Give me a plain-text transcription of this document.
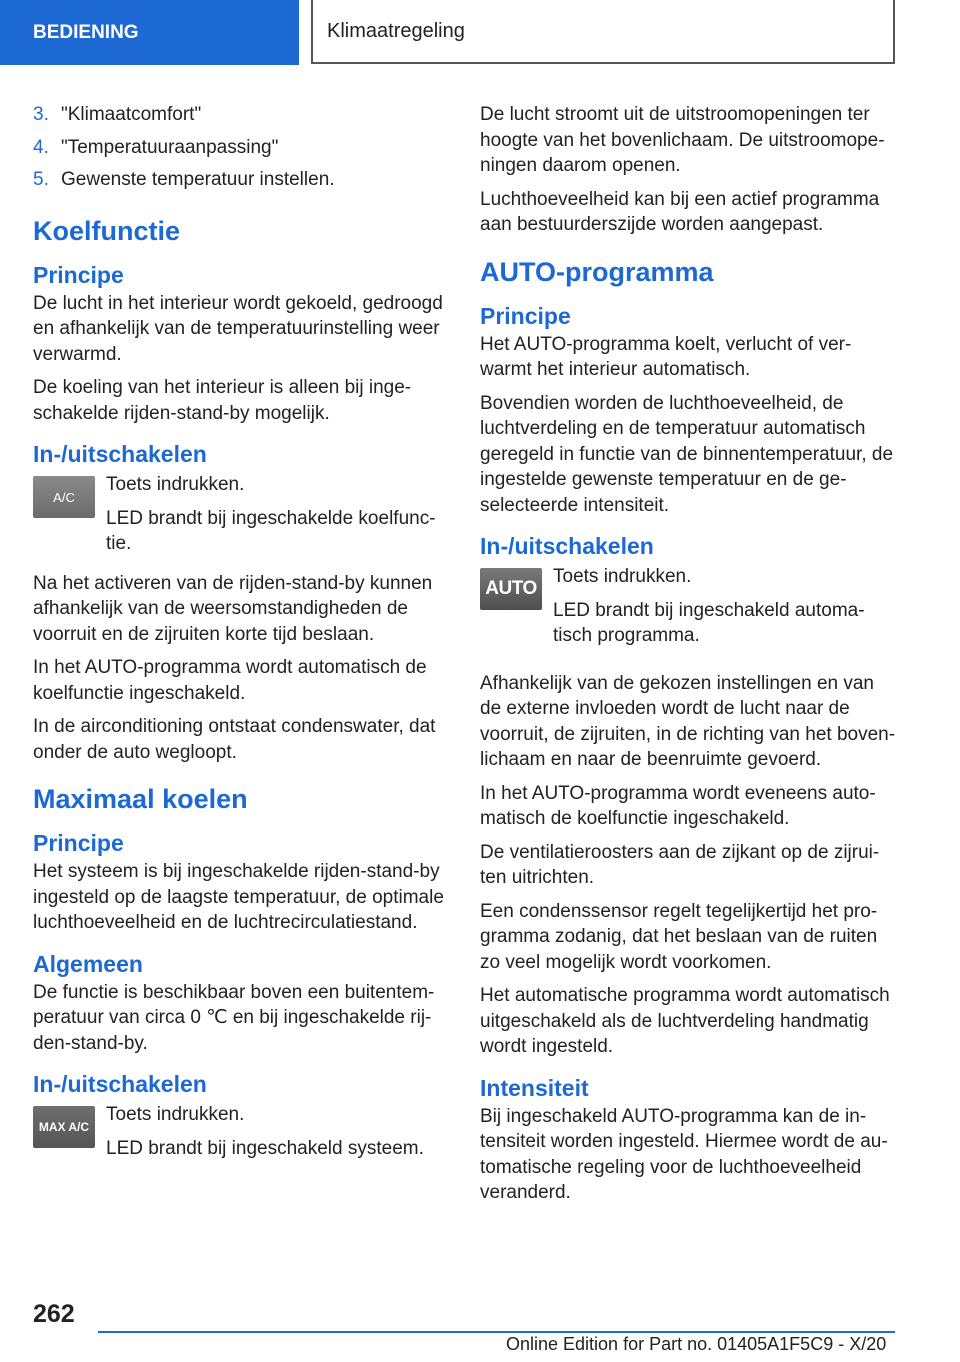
BEDIENING	Klimaatregeling
3. "Klimaatcomfort"
4. "Temperatuuraanpassing"
5. Gewenste temperatuur instellen.
Koelfunctie
Principe

De lucht in het interieur wordt gekoeld, gedroogd en afhankelijk van de temperatuurinstelling weer verwarmd.

De koeling van het interieur is alleen bij inge-schakelde rijden-stand-by mogelijk.

In-/uitschakelen
A/C

Toets indrukken.

LED brandt bij ingeschakelde koelfunc-tie.

Na het activeren van de rijden-stand-by kunnen afhankelijk van de weersomstandigheden de voorruit en de zijruiten korte tijd beslaan.

In het AUTO-programma wordt automatisch de koelfunctie ingeschakeld.

In de airconditioning ontstaat condenswater, dat onder de auto wegloopt.

Maximaal koelen
Principe

Het systeem is bij ingeschakelde rijden-stand-by ingesteld op de laagste temperatuur, de optimale luchthoeveelheid en de luchtrecirculatiestand.

Algemeen

De functie is beschikbaar boven een buitentem-peratuur van circa 0 ℃ en bij ingeschakelde rij-den-stand-by.

In-/uitschakelen
MAX A/C

Toets indrukken.

LED brandt bij ingeschakeld systeem.

De lucht stroomt uit de uitstroomopeningen ter hoogte van het bovenlichaam. De uitstroomope-ningen daarom openen.

Luchthoeveelheid kan bij een actief programma aan bestuurderszijde worden aangepast.

AUTO-programma
Principe

Het AUTO-programma koelt, verlucht of ver-warmt het interieur automatisch.

Bovendien worden de luchthoeveelheid, de luchtverdeling en de temperatuur automatisch geregeld in functie van de binnentemperatuur, de ingestelde gewenste temperatuur en de ge-selecteerde intensiteit.

In-/uitschakelen
AUTO

Toets indrukken.

LED brandt bij ingeschakeld automa-tisch programma.

Afhankelijk van de gekozen instellingen en van de externe invloeden wordt de lucht naar de voorruit, de zijruiten, in de richting van het boven-lichaam en naar de beenruimte gevoerd.

In het AUTO-programma wordt eveneens auto-matisch de koelfunctie ingeschakeld.

De ventilatieroosters aan de zijkant op de zijrui-ten uitrichten.

Een condenssensor regelt tegelijkertijd het pro-gramma zodanig, dat het beslaan van de ruiten zo veel mogelijk wordt voorkomen.

Het automatische programma wordt automatisch uitgeschakeld als de luchtverdeling handmatig wordt ingesteld.

Intensiteit

Bij ingeschakeld AUTO-programma kan de in-tensiteit worden ingesteld. Hiermee wordt de au-tomatische regeling voor de luchthoeveelheid veranderd.

262
Online Edition for Part no. 01405A1F5C9 - X/20
